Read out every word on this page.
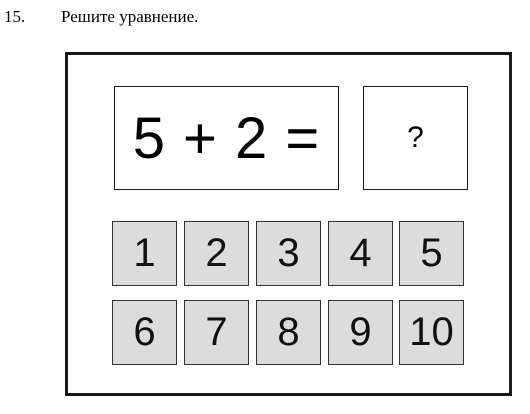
15. Решите уравнение.
5 + 2 =	?
1	2	3	4	5
6	7	8	9 10
